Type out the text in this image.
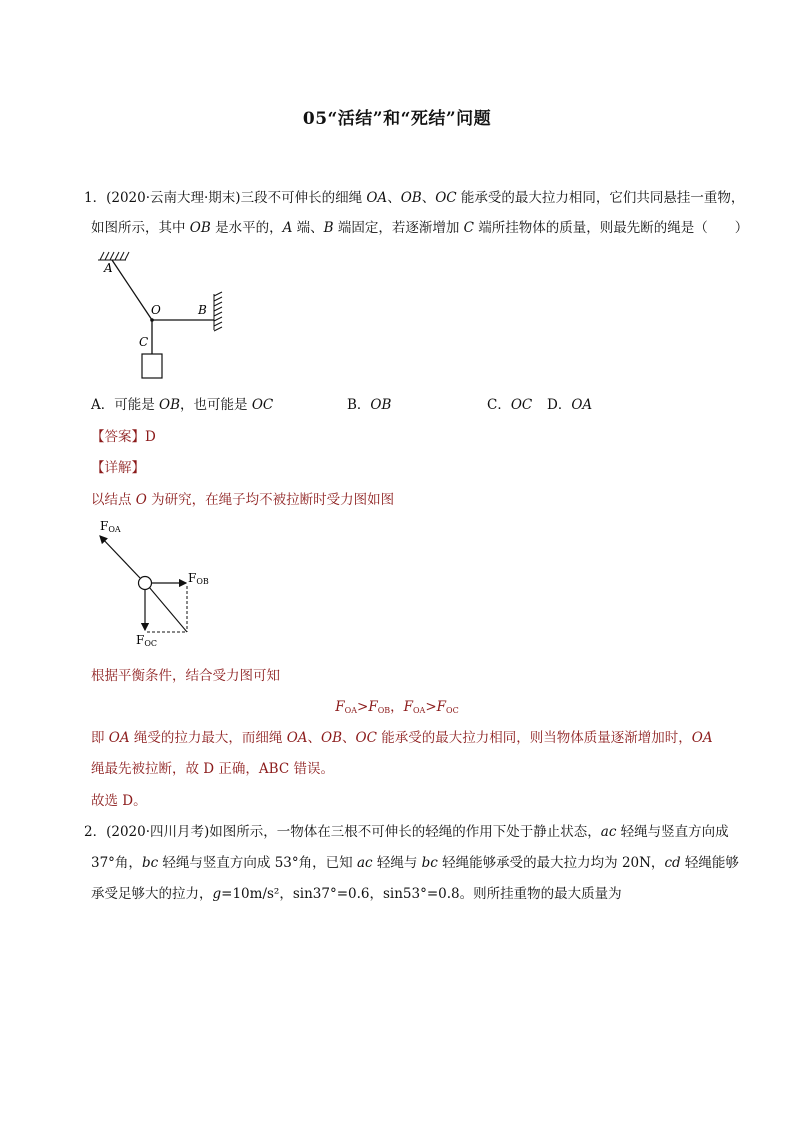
05“活结”和“死结”问题
1．(2020·云南大理·期末)三段不可伸长的细绳 OA、OB、OC 能承受的最大拉力相同，它们共同悬挂一重物，
如图所示，其中 OB 是水平的，A 端、B 端固定，若逐渐增加 C 端所挂物体的质量，则最先断的绳是（　　）
A
O	B
C
A．可能是 OB，也可能是 OC	B．OB	C．OC D．OA
【答案】D
【详解】
以结点 O 为研究，在绳子均不被拉断时受力图如图
FOA
FOB
FOC
根据平衡条件，结合受力图可知
$F_{OA}>F_{OB}$，$F_{OA}>F_{OC}$
即 OA 绳受的拉力最大，而细绳 OA、OB、OC 能承受的最大拉力相同，则当物体质量逐渐增加时，OA
绳最先被拉断，故 D 正确，ABC 错误。
故选 D。
2．(2020·四川月考)如图所示，一物体在三根不可伸长的轻绳的作用下处于静止状态，ac 轻绳与竖直方向成
37°角，bc 轻绳与竖直方向成 53°角，已知 ac 轻绳与 bc 轻绳能够承受的最大拉力均为 20N，cd 轻绳能够
承受足够大的拉力，g=10m/s²，sin37°=0.6，sin53°=0.8。则所挂重物的最大质量为
